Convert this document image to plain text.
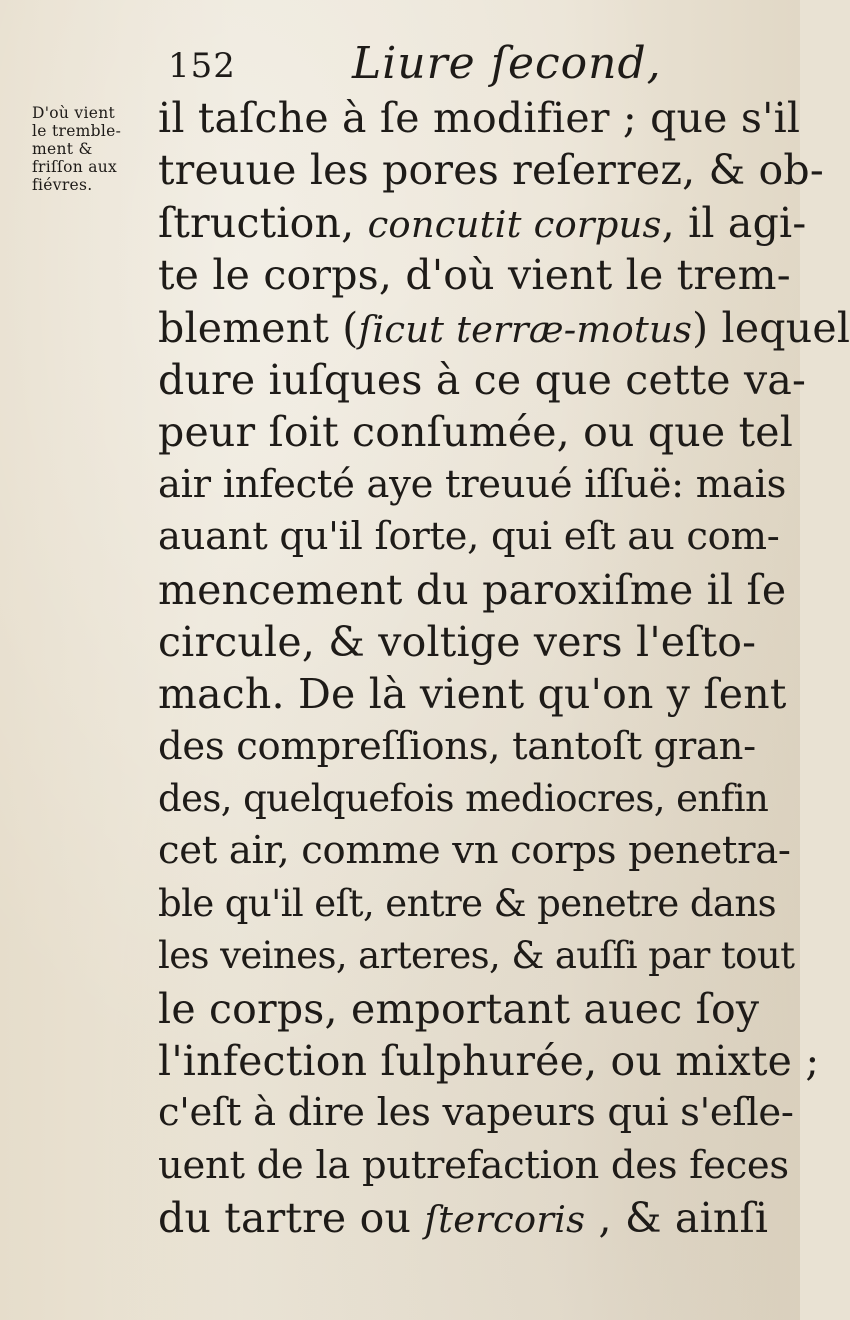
152	Liure ſecond,
D'où vient
le tremble-
ment &
friſſon aux
fiévres.
il taſche à ſe modifier ; que s'il
treuue les pores reſerrez, & ob-
ſtruction, concutit corpus, il agi-
te le corps, d'où vient le trem-
blement (ſicut terræ-motus) lequel
dure iuſques à ce que cette va-
peur ſoit conſumée, ou que tel
air infecté aye treuué iſſuë: mais
auant qu'il ſorte, qui eſt au com-
mencement du paroxiſme il ſe
circule, & voltige vers l'eſto-
mach. De là vient qu'on y ſent
des compreſſions, tantoſt gran-
des, quelquefois mediocres, enfin
cet air, comme vn corps penetra-
ble qu'il eſt, entre & penetre dans
les veines, arteres, & auſſi par tout
le corps, emportant auec ſoy
l'infection ſulphurée, ou mixte ;
c'eſt à dire les vapeurs qui s'eſle-
uent de la putrefaction des feces
du tartre ou ſtercoris , & ainſi
